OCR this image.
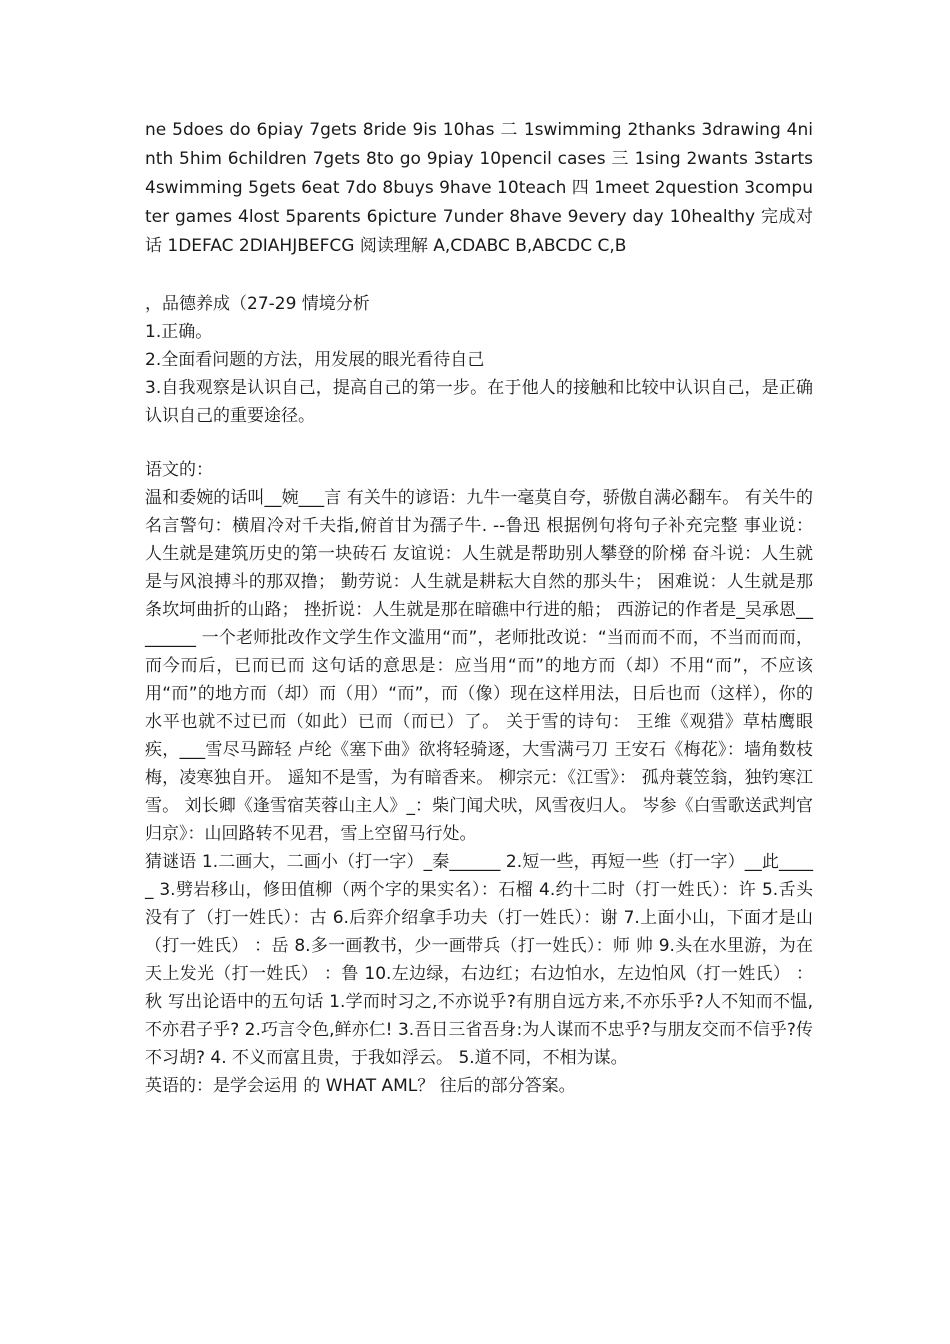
ne 5does do 6piay 7gets 8ride 9is 10has 二 1swimming 2thanks 3drawing 4ninth 5him 6children 7gets 8to go 9piay 10pencil cases 三 1sing 2wants 3starts 4swimming 5gets 6eat 7do 8buys 9have 10teach 四 1meet 2question 3computer games 4lost 5parents 6picture 7under 8have 9every day 10healthy 完成对话 1DEFAC 2DIAHJBEFCG 阅读理解 A,CDABC B,ABCDC C,B

，品德养成（27-29 情境分析

1.正确。

2.全面看问题的方法，用发展的眼光看待自己

3.自我观察是认识自己，提高自己的第一步。在于他人的接触和比较中认识自己，是正确认识自己的重要途径。

语文的：

温和委婉的话叫__婉___言 有关牛的谚语：九牛一毫莫自夸，骄傲自满必翻车。 有关牛的名言警句：横眉冷对千夫指,俯首甘为孺子牛. --鲁迅 根据例句将句子补充完整 事业说：人生就是建筑历史的第一块砖石 友谊说：人生就是帮助别人攀登的阶梯 奋斗说：人生就是与风浪搏斗的那双撸； 勤劳说：人生就是耕耘大自然的那头牛； 困难说：人生就是那条坎坷曲折的山路； 挫折说：人生就是那在暗礁中行进的船； 西游记的作者是_吴承恩________ 一个老师批改作文学生作文滥用“而”，老师批改说：“当而而不而，不当而而而，而今而后，已而已而 这句话的意思是：应当用“而”的地方而（却）不用“而”，不应该用“而”的地方而（却）而（用）“而”，而（像）现在这样用法，日后也而（这样），你的水平也就不过已而（如此）已而（而已）了。 关于雪的诗句： 王维《观猎》草枯鹰眼疾，___雪尽马蹄轻 卢纶《塞下曲》欲将轻骑逐，大雪满弓刀 王安石《梅花》：墙角数枝梅，凌寒独自开。 遥知不是雪，为有暗香来。 柳宗元：《江雪》： 孤舟蓑笠翁，独钓寒江雪。 刘长卿《逢雪宿芙蓉山主人》_：柴门闻犬吠，风雪夜归人。 岑参《白雪歌送武判官归京》：山回路转不见君，雪上空留马行处。

猜谜语 1.二画大，二画小（打一字）_秦______ 2.短一些，再短一些（打一字）__此_____ 3.劈岩移山，修田值柳（两个字的果实名）：石榴 4.约十二时（打一姓氏）：许 5.舌头没有了（打一姓氏）：古 6.后弈介绍拿手功夫（打一姓氏）：谢 7.上面小山，下面才是山（打一姓氏） ：岳 8.多一画教书，少一画带兵（打一姓氏）：师 帅 9.头在水里游，为在天上发光（打一姓氏） ：鲁 10.左边绿，右边红；右边怕水，左边怕风（打一姓氏） ：秋 写出论语中的五句话 1.学而时习之,不亦说乎?有朋自远方来,不亦乐乎?人不知而不愠,不亦君子乎? 2.巧言令色,鲜亦仁! 3.吾日三省吾身:为人谋而不忠乎?与朋友交而不信乎?传不习胡? 4. 不义而富且贵，于我如浮云。 5.道不同，不相为谋。

英语的：是学会运用 的 WHAT AML？ 往后的部分答案。
